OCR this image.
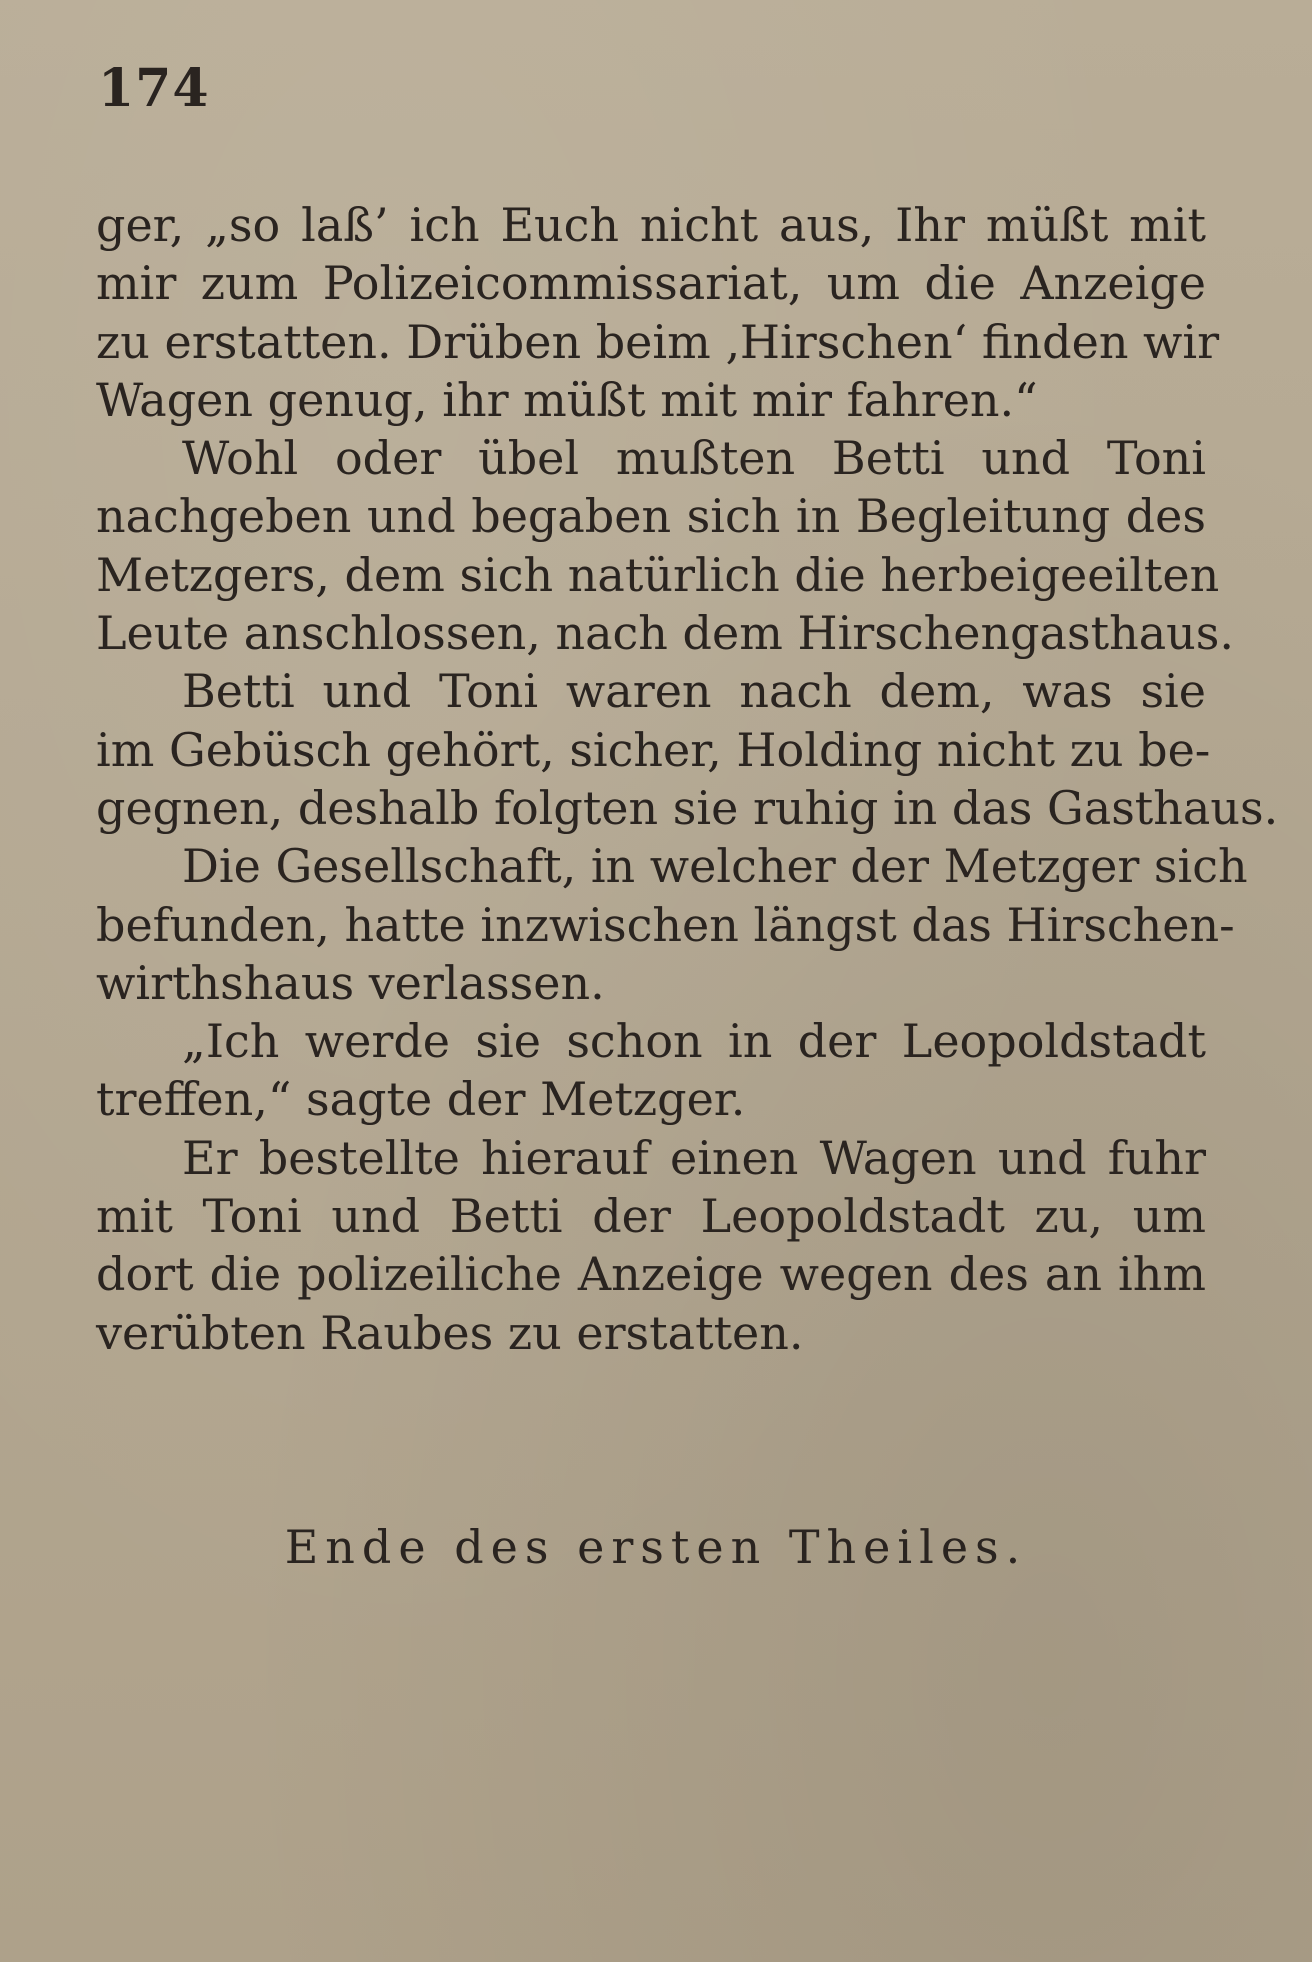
174
ger, „so laß’ ich Euch nicht aus, Ihr müßt mit
mir zum Polizeicommissariat, um die Anzeige
zu erstatten. Drüben beim ‚Hirschen‘ finden wir
Wagen genug, ihr müßt mit mir fahren.“
Wohl oder übel mußten Betti und Toni
nachgeben und begaben sich in Begleitung des
Metzgers, dem sich natürlich die herbeigeeilten
Leute anschlossen, nach dem Hirschengasthaus.
Betti und Toni waren nach dem, was sie
im Gebüsch gehört, sicher, Holding nicht zu be-
gegnen, deshalb folgten sie ruhig in das Gasthaus.
Die Gesellschaft, in welcher der Metzger sich
befunden, hatte inzwischen längst das Hirschen-
wirthshaus verlassen.
„Ich werde sie schon in der Leopoldstadt
treffen,“ sagte der Metzger.
Er bestellte hierauf einen Wagen und fuhr
mit Toni und Betti der Leopoldstadt zu, um
dort die polizeiliche Anzeige wegen des an ihm
verübten Raubes zu erstatten.
Ende des ersten Theiles.
